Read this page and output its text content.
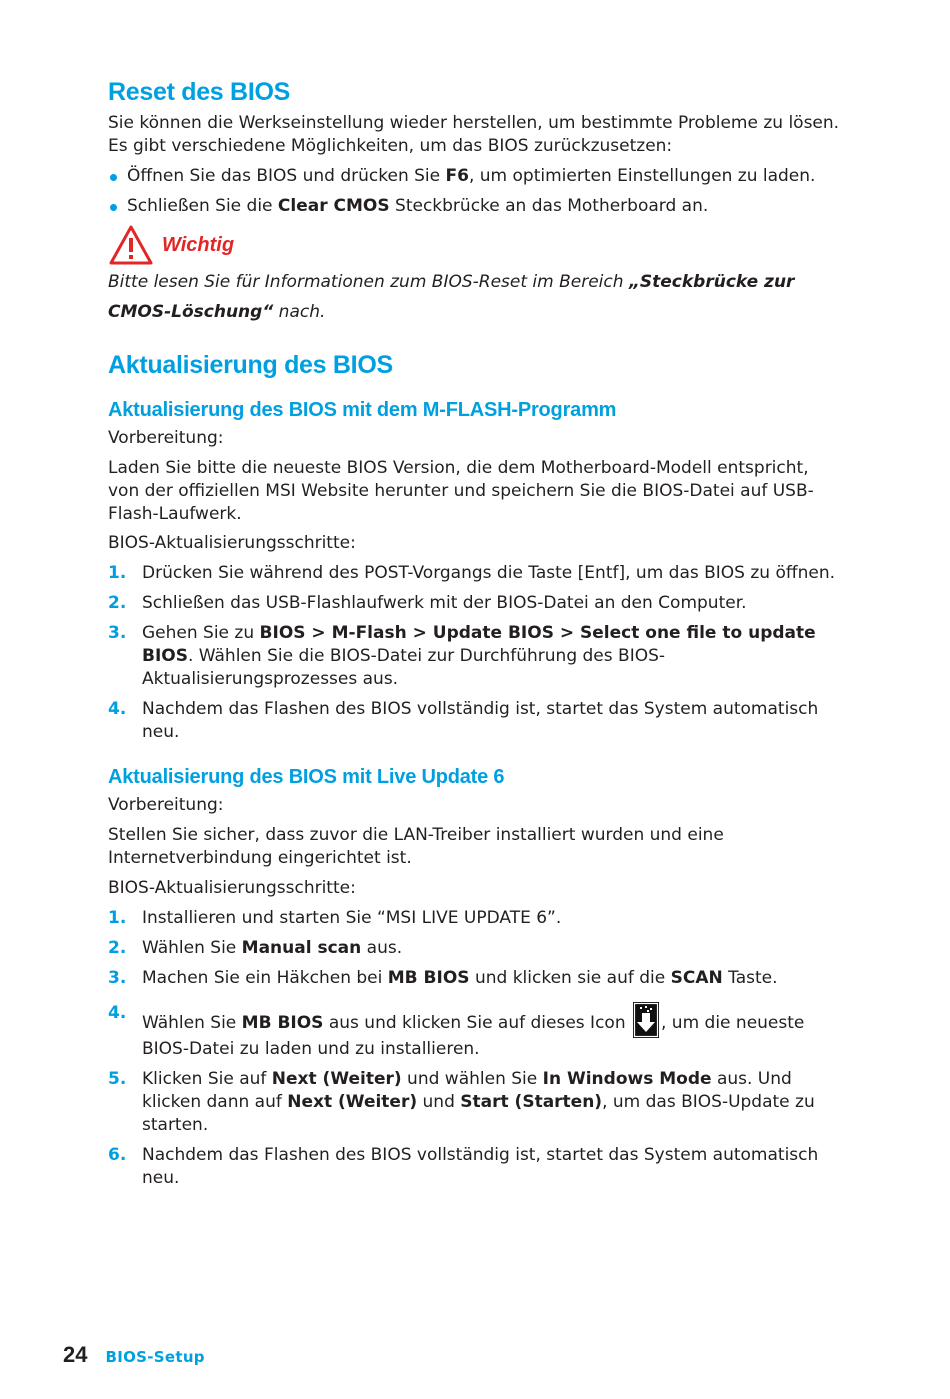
Reset des BIOS

Sie können die Werkseinstellung wieder herstellen, um bestimmte Probleme zu lösen. Es gibt verschiedene Möglichkeiten, um das BIOS zurückzusetzen:

Öffnen Sie das BIOS und drücken Sie F6, um optimierten Einstellungen zu laden.

Schließen Sie die Clear CMOS Steckbrücke an das Motherboard an.

Wichtig

Bitte lesen Sie für Informationen zum BIOS-Reset im Bereich „Steckbrücke zur CMOS-Löschung“ nach.

Aktualisierung des BIOS
Aktualisierung des BIOS mit dem M-FLASH-Programm

Vorbereitung:

Laden Sie bitte die neueste BIOS Version, die dem Motherboard-Modell entspricht, von der offiziellen MSI Website herunter und speichern Sie die BIOS-Datei auf USB-Flash-Laufwerk.

BIOS-Aktualisierungsschritte:

1. Drücken Sie während des POST-Vorgangs die Taste [Entf], um das BIOS zu öffnen.

2. Schließen das USB-Flashlaufwerk mit der BIOS-Datei an den Computer.

3. Gehen Sie zu BIOS > M-Flash > Update BIOS > Select one file to update BIOS. Wählen Sie die BIOS-Datei zur Durchführung des BIOS-Aktualisierungsprozesses aus.

4. Nachdem das Flashen des BIOS vollständig ist, startet das System automatisch neu.

Aktualisierung des BIOS mit Live Update 6

Vorbereitung:

Stellen Sie sicher, dass zuvor die LAN-Treiber installiert wurden und eine Internetverbindung eingerichtet ist.

BIOS-Aktualisierungsschritte:

1. Installieren und starten Sie “MSI LIVE UPDATE 6”.

2. Wählen Sie Manual scan aus.

3. Machen Sie ein Häkchen bei MB BIOS und klicken sie auf die SCAN Taste.

4. Wählen Sie MB BIOS aus und klicken Sie auf dieses Icon , um die neueste BIOS-Datei zu laden und zu installieren.

5. Klicken Sie auf Next (Weiter) und wählen Sie In Windows Mode aus. Und klicken dann auf Next (Weiter) und Start (Starten), um das BIOS-Update zu starten.

6. Nachdem das Flashen des BIOS vollständig ist, startet das System automatisch neu.

24 BIOS-Setup
